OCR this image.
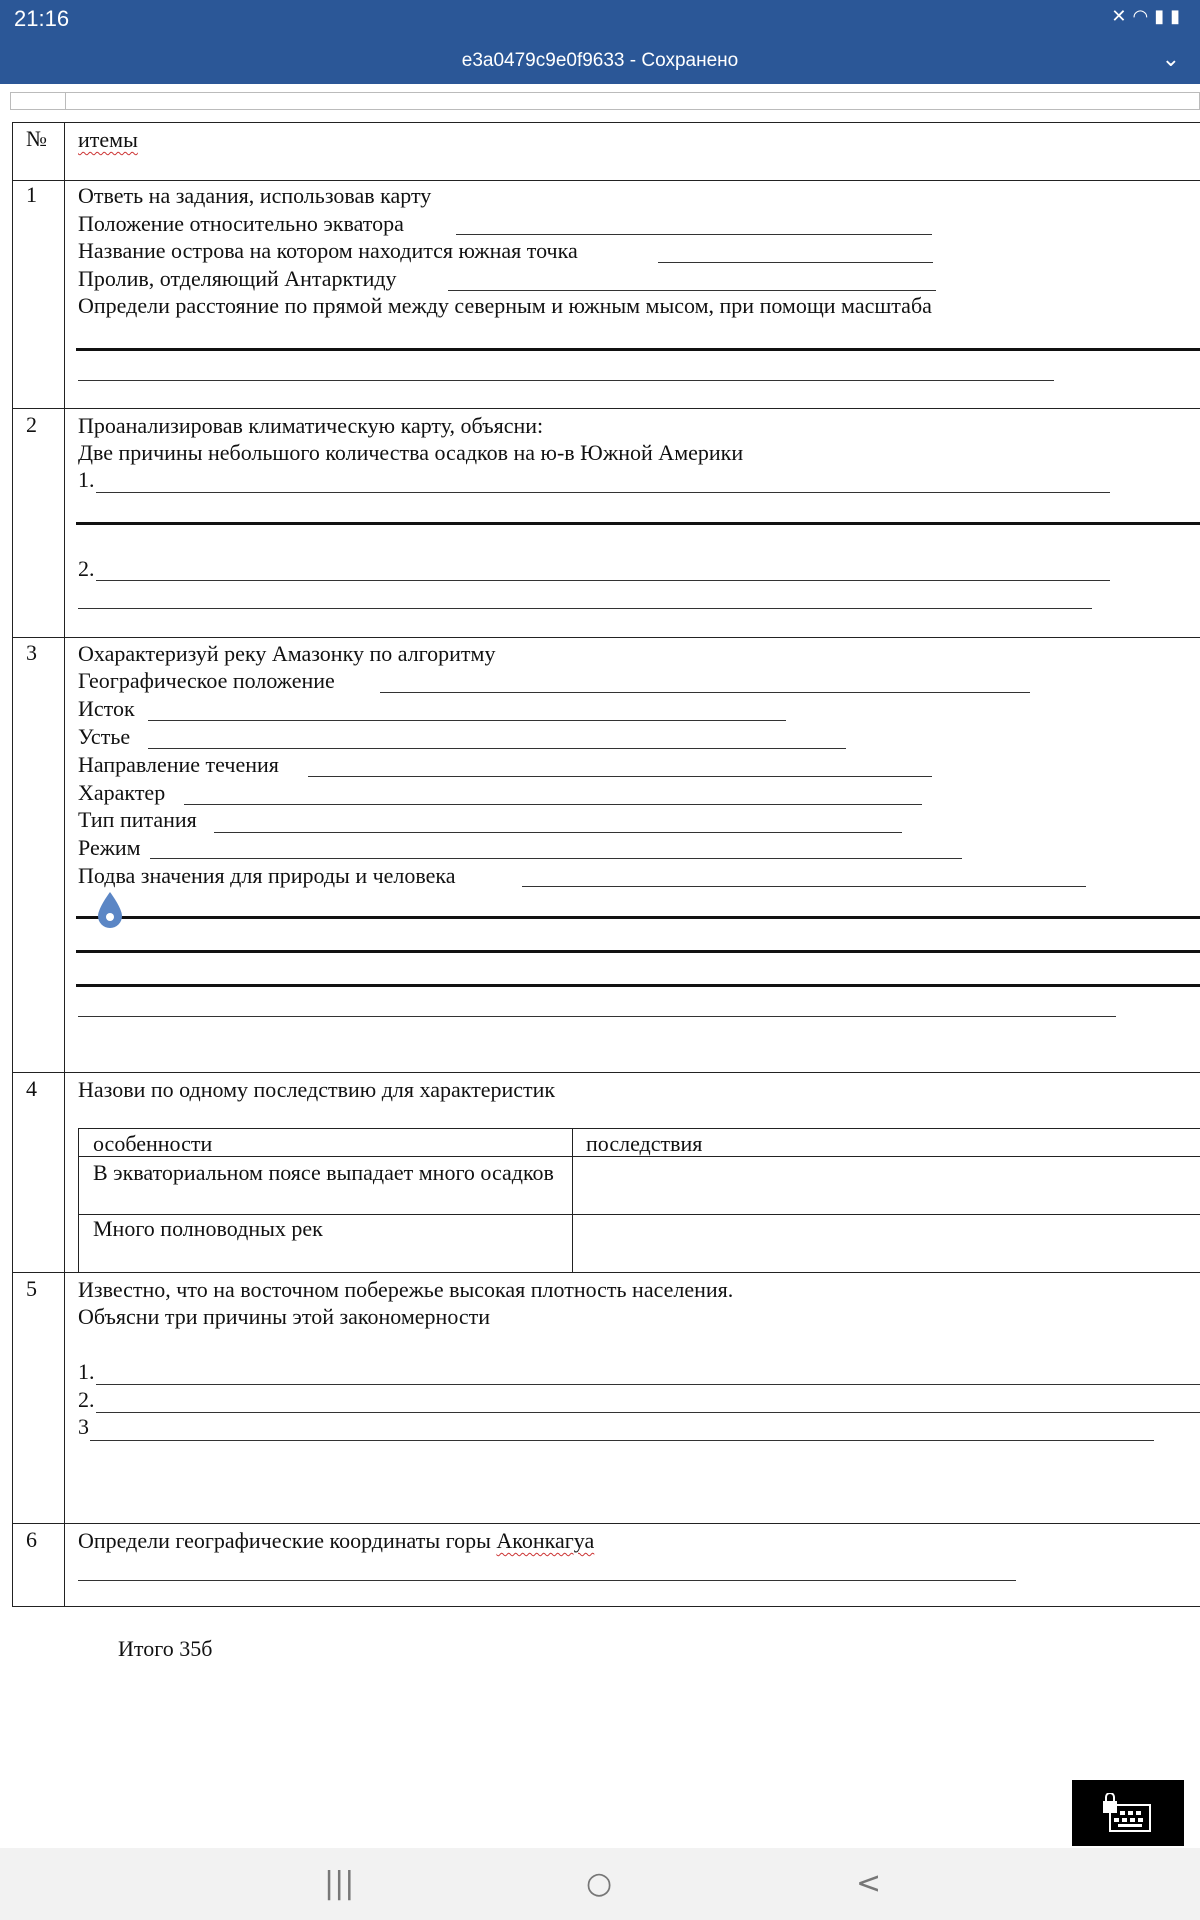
21:16	✕◠▮▮
e3a0479c9e0f9633 - Сохранено	⌄
№ итемы
1 Ответь на задания, использовав карту
Положение относительно экватора
Название острова на котором находится южная точка
Пролив, отделяющий Антарктиду
Определи расстояние по прямой между северным и южным мысом, при помощи масштаба
2 Проанализировав климатическую карту, объясни:
Две причины небольшого количества осадков на ю-в Южной Америки
1.
2.
3 Охарактеризуй реку Амазонку по алгоритму
Географическое положение
Исток
Устье
Направление течения
Характер
Тип питания
Режим
Подва значения для природы и человека
4 Назови по одному последствию для характеристик
особенности	последствия
В экваториальном поясе выпадает много осадков
Много полноводных рек
5 Известно, что на восточном побережье высокая плотность населения.
Объясни три причины этой закономерности
1.
2.
3
6 Определи географические координаты горы Аконкагуа
Итого 35б
|||	○	<
